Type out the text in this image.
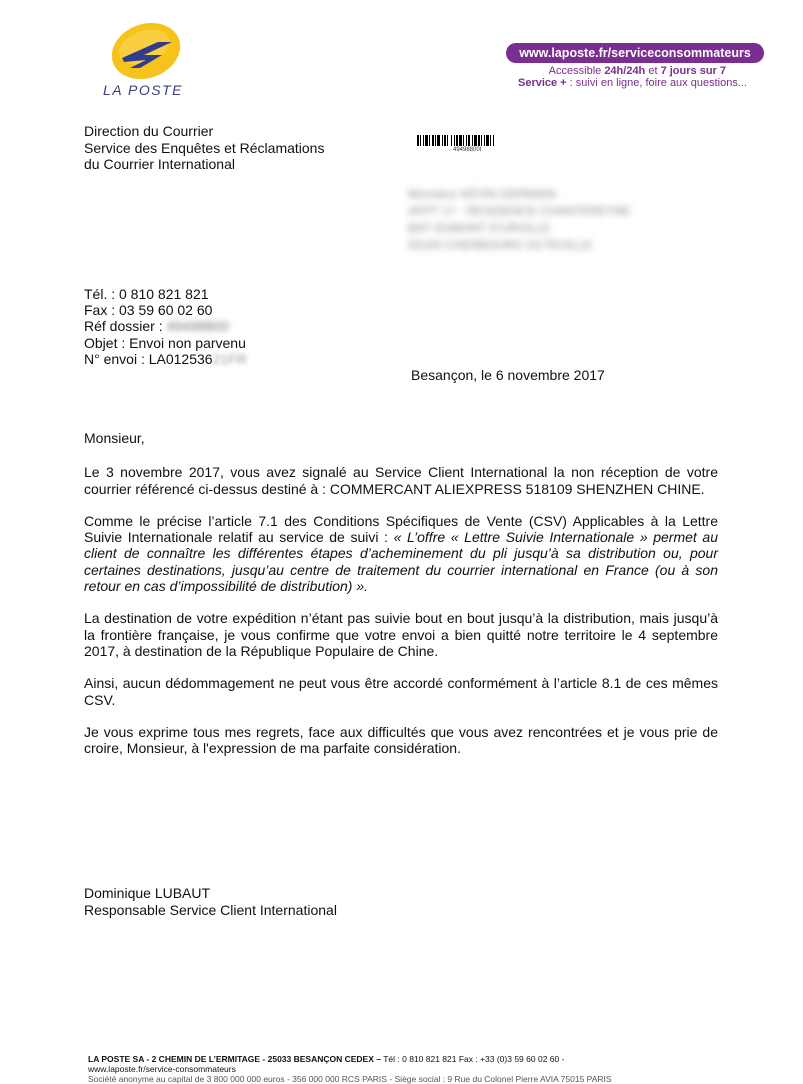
LA POSTE
www.laposte.fr/serviceconsommateurs
Accessible 24h/24h et 7 jours sur 7
Service + : suivi en ligne, foire aux questions...
Direction du Courrier
Service des Enquêtes et Réclamations
du Courrier International
49498800I
Monsieur KÉVIN GERMAIN
APPT 17 - RESIDENCE CHANTEREYNE
BAT DUMONT D'URVILLE
50100 CHERBOURG OCTEVILLE
Tél. : 0 810 821 821
Fax : 03 59 60 02 60
Réf dossier : 49498800
Objet : Envoi non parvenu
N° envoi : LA01253621FR
Besançon, le 6 novembre 2017

Monsieur,

Le 3 novembre 2017, vous avez signalé au Service Client International la non réception de votre courrier référencé ci-dessus destiné à : COMMERCANT ALIEXPRESS 518109 SHENZHEN CHINE.

Comme le précise l’article 7.1 des Conditions Spécifiques de Vente (CSV) Applicables à la Lettre Suivie Internationale relatif au service de suivi : « L’offre « Lettre Suivie Internationale » permet au client de connaître les différentes étapes d’acheminement du pli jusqu’à sa distribution ou, pour certaines destinations, jusqu’au centre de traitement du courrier international en France (ou à son retour en cas d’impossibilité de distribution) ».

La destination de votre expédition n’étant pas suivie bout en bout jusqu’à la distribution, mais jusqu’à la frontière française, je vous confirme que votre envoi a bien quitté notre territoire le 4 septembre 2017, à destination de la République Populaire de Chine.

Ainsi, aucun dédommagement ne peut vous être accordé conformément à l’article 8.1 de ces mêmes CSV.

Je vous exprime tous mes regrets, face aux difficultés que vous avez rencontrées et je vous prie de croire, Monsieur, à l'expression de ma parfaite considération.

Dominique LUBAUT
Responsable Service Client International
LA POSTE SA - 2 CHEMIN DE L’ERMITAGE - 25033 BESANÇON CEDEX – Tél : 0 810 821 821 Fax : +33 (0)3 59 60 02 60 -
www.laposte.fr/service-consommateurs
Société anonyme au capital de 3 800 000 000 euros - 356 000 000 RCS PARIS - Siège social : 9 Rue du Colonel Pierre AVIA 75015 PARIS
